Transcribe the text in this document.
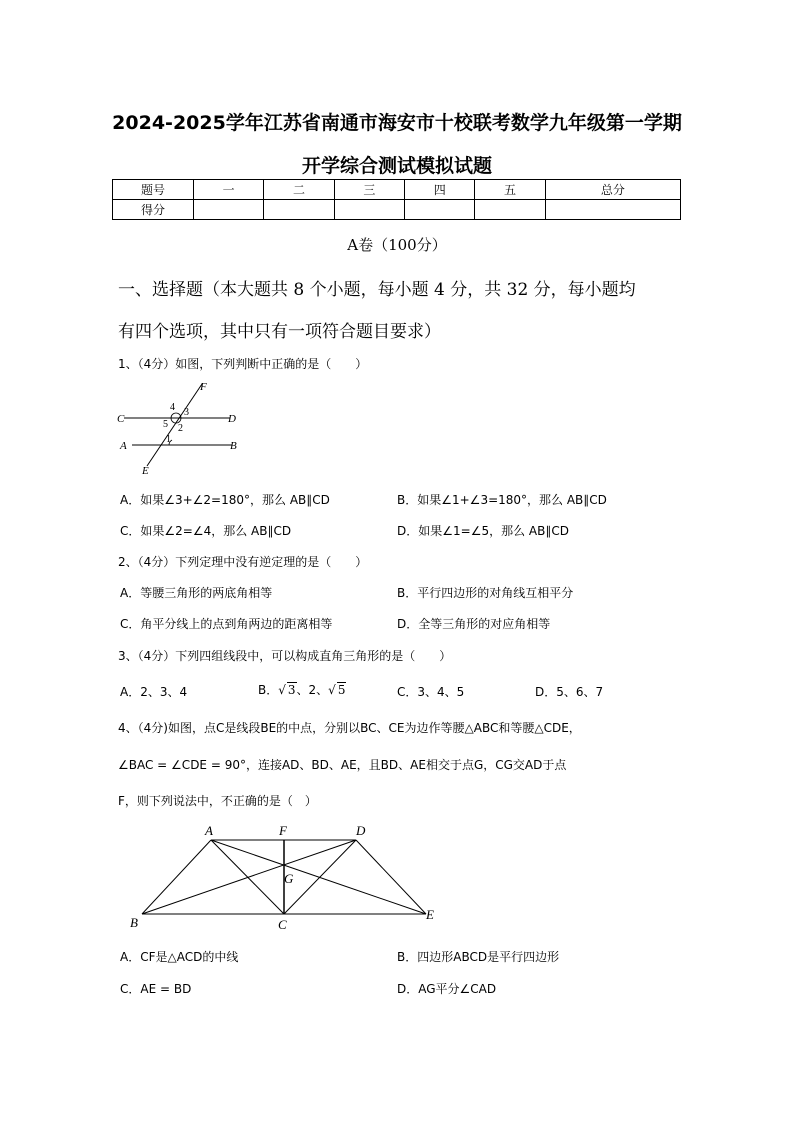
2024-2025学年江苏省南通市海安市十校联考数学九年级第一学期
开学综合测试模拟试题
题号	一	二	三	四	五	总分
得分						
A卷（100分）
一、选择题（本大题共 8 个小题，每小题 4 分，共 32 分，每小题均
有四个选项，其中只有一项符合题目要求）
1、（4分）如图，下列判断中正确的是（　　）
F
C	D
A	B
E
4 3
5 2
1
A．如果∠3+∠2=180°，那么 AB∥CD	B．如果∠1+∠3=180°，那么 AB∥CD
C．如果∠2=∠4，那么 AB∥CD	D．如果∠1=∠5，那么 AB∥CD
2、（4分）下列定理中没有逆定理的是（　　）
A．等腰三角形的两底角相等	B．平行四边形的对角线互相平分
C．角平分线上的点到角两边的距离相等	D．全等三角形的对应角相等
3、（4分）下列四组线段中，可以构成直角三角形的是（　　）
A．2、3、4	B．√ 3、2、√ 5	C．3、4、5	D．5、6、7
4、（4分)如图，点C是线段BE的中点，分别以BC、CE为边作等腰△ABC和等腰△CDE，
∠BAC = ∠CDE = 90°，连接AD、BD、AE，且BD、AE相交于点G，CG交AD于点
F，则下列说法中，不正确的是（　）
A	F	D
G
B	C
E
A．CF是△ACD的中线	B．四边形ABCD是平行四边形
C．AE = BD	D．AG平分∠CAD
